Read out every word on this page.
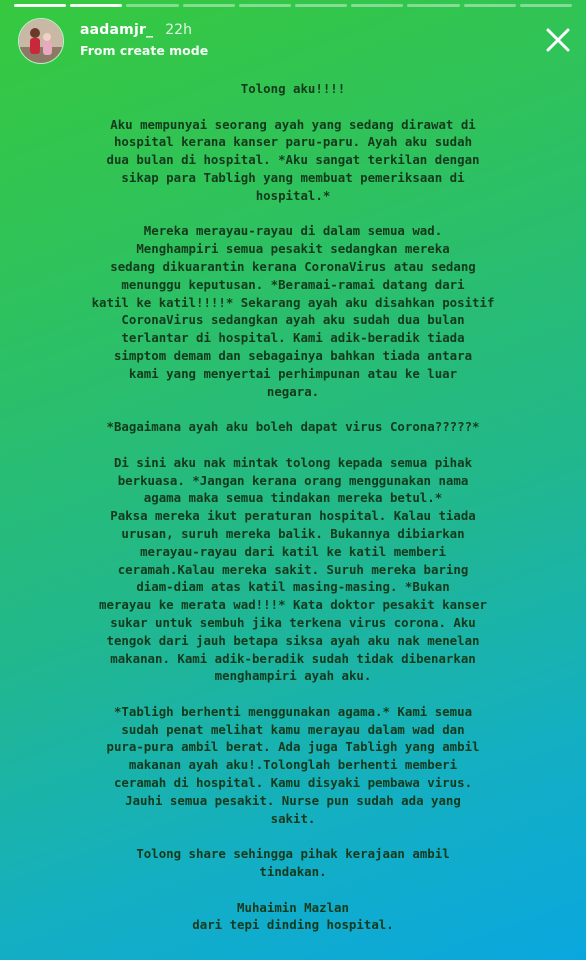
aadamjr_ 22h
From create mode

Tolong aku!!!!

Aku mempunyai seorang ayah yang sedang dirawat di
hospital kerana kanser paru-paru. Ayah aku sudah
dua bulan di hospital. *Aku sangat terkilan dengan
sikap para Tabligh yang membuat pemeriksaan di
hospital.*

Mereka merayau-rayau di dalam semua wad.
Menghampiri semua pesakit sedangkan mereka
sedang dikuarantin kerana CoronaVirus atau sedang
menunggu keputusan. *Beramai-ramai datang dari
katil ke katil!!!!* Sekarang ayah aku disahkan positif
CoronaVirus sedangkan ayah aku sudah dua bulan
terlantar di hospital. Kami adik-beradik tiada
simptom demam dan sebagainya bahkan tiada antara
kami yang menyertai perhimpunan atau ke luar
negara.

*Bagaimana ayah aku boleh dapat virus Corona?????*

Di sini aku nak mintak tolong kepada semua pihak
berkuasa. *Jangan kerana orang menggunakan nama
agama maka semua tindakan mereka betul.*
Paksa mereka ikut peraturan hospital. Kalau tiada
urusan, suruh mereka balik. Bukannya dibiarkan
merayau-rayau dari katil ke katil memberi
ceramah.Kalau mereka sakit. Suruh mereka baring
diam-diam atas katil masing-masing. *Bukan
merayau ke merata wad!!!* Kata doktor pesakit kanser
sukar untuk sembuh jika terkena virus corona. Aku
tengok dari jauh betapa siksa ayah aku nak menelan
makanan. Kami adik-beradik sudah tidak dibenarkan
menghampiri ayah aku.

*Tabligh berhenti menggunakan agama.* Kami semua
sudah penat melihat kamu merayau dalam wad dan
pura-pura ambil berat. Ada juga Tabligh yang ambil
makanan ayah aku!.Tolonglah berhenti memberi
ceramah di hospital. Kamu disyaki pembawa virus.
Jauhi semua pesakit. Nurse pun sudah ada yang
sakit.

Tolong share sehingga pihak kerajaan ambil
tindakan.

Muhaimin Mazlan
dari tepi dinding hospital.
